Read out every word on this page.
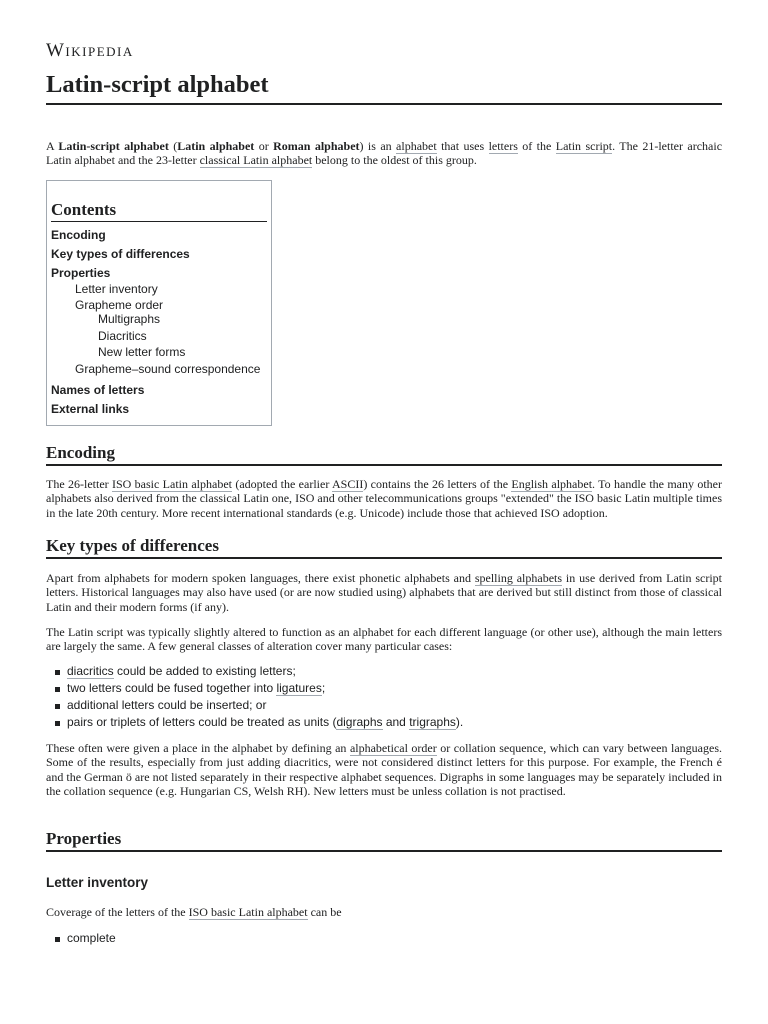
Wikipedia
Latin-script alphabet

A Latin-script alphabet (Latin alphabet or Roman alphabet) is an alphabet that uses letters of the Latin script. The 21-letter archaic Latin alphabet and the 23-letter classical Latin alphabet belong to the oldest of this group.

Contents
Encoding
Key types of differences
Properties
Letter inventory
Grapheme order
Multigraphs
Diacritics
New letter forms
Grapheme–sound correspondence
Names of letters
External links
Encoding

The 26-letter ISO basic Latin alphabet (adopted the earlier ASCII) contains the 26 letters of the English alphabet. To handle the many other alphabets also derived from the classical Latin one, ISO and other telecommunications groups "extended" the ISO basic Latin multiple times in the late 20th century. More recent international standards (e.g. Unicode) include those that achieved ISO adoption.

Key types of differences

Apart from alphabets for modern spoken languages, there exist phonetic alphabets and spelling alphabets in use derived from Latin script letters. Historical languages may also have used (or are now studied using) alphabets that are derived but still distinct from those of classical Latin and their modern forms (if any).

The Latin script was typically slightly altered to function as an alphabet for each different language (or other use), although the main letters are largely the same. A few general classes of alteration cover many particular cases:

diacritics could be added to existing letters;
two letters could be fused together into ligatures;
additional letters could be inserted; or
pairs or triplets of letters could be treated as units (digraphs and trigraphs).

These often were given a place in the alphabet by defining an alphabetical order or collation sequence, which can vary between languages. Some of the results, especially from just adding diacritics, were not considered distinct letters for this purpose. For example, the French é and the German ö are not listed separately in their respective alphabet sequences. Digraphs in some languages may be separately included in the collation sequence (e.g. Hungarian CS, Welsh RH). New letters must be unless collation is not practised.

Properties
Letter inventory

Coverage of the letters of the ISO basic Latin alphabet can be

complete
